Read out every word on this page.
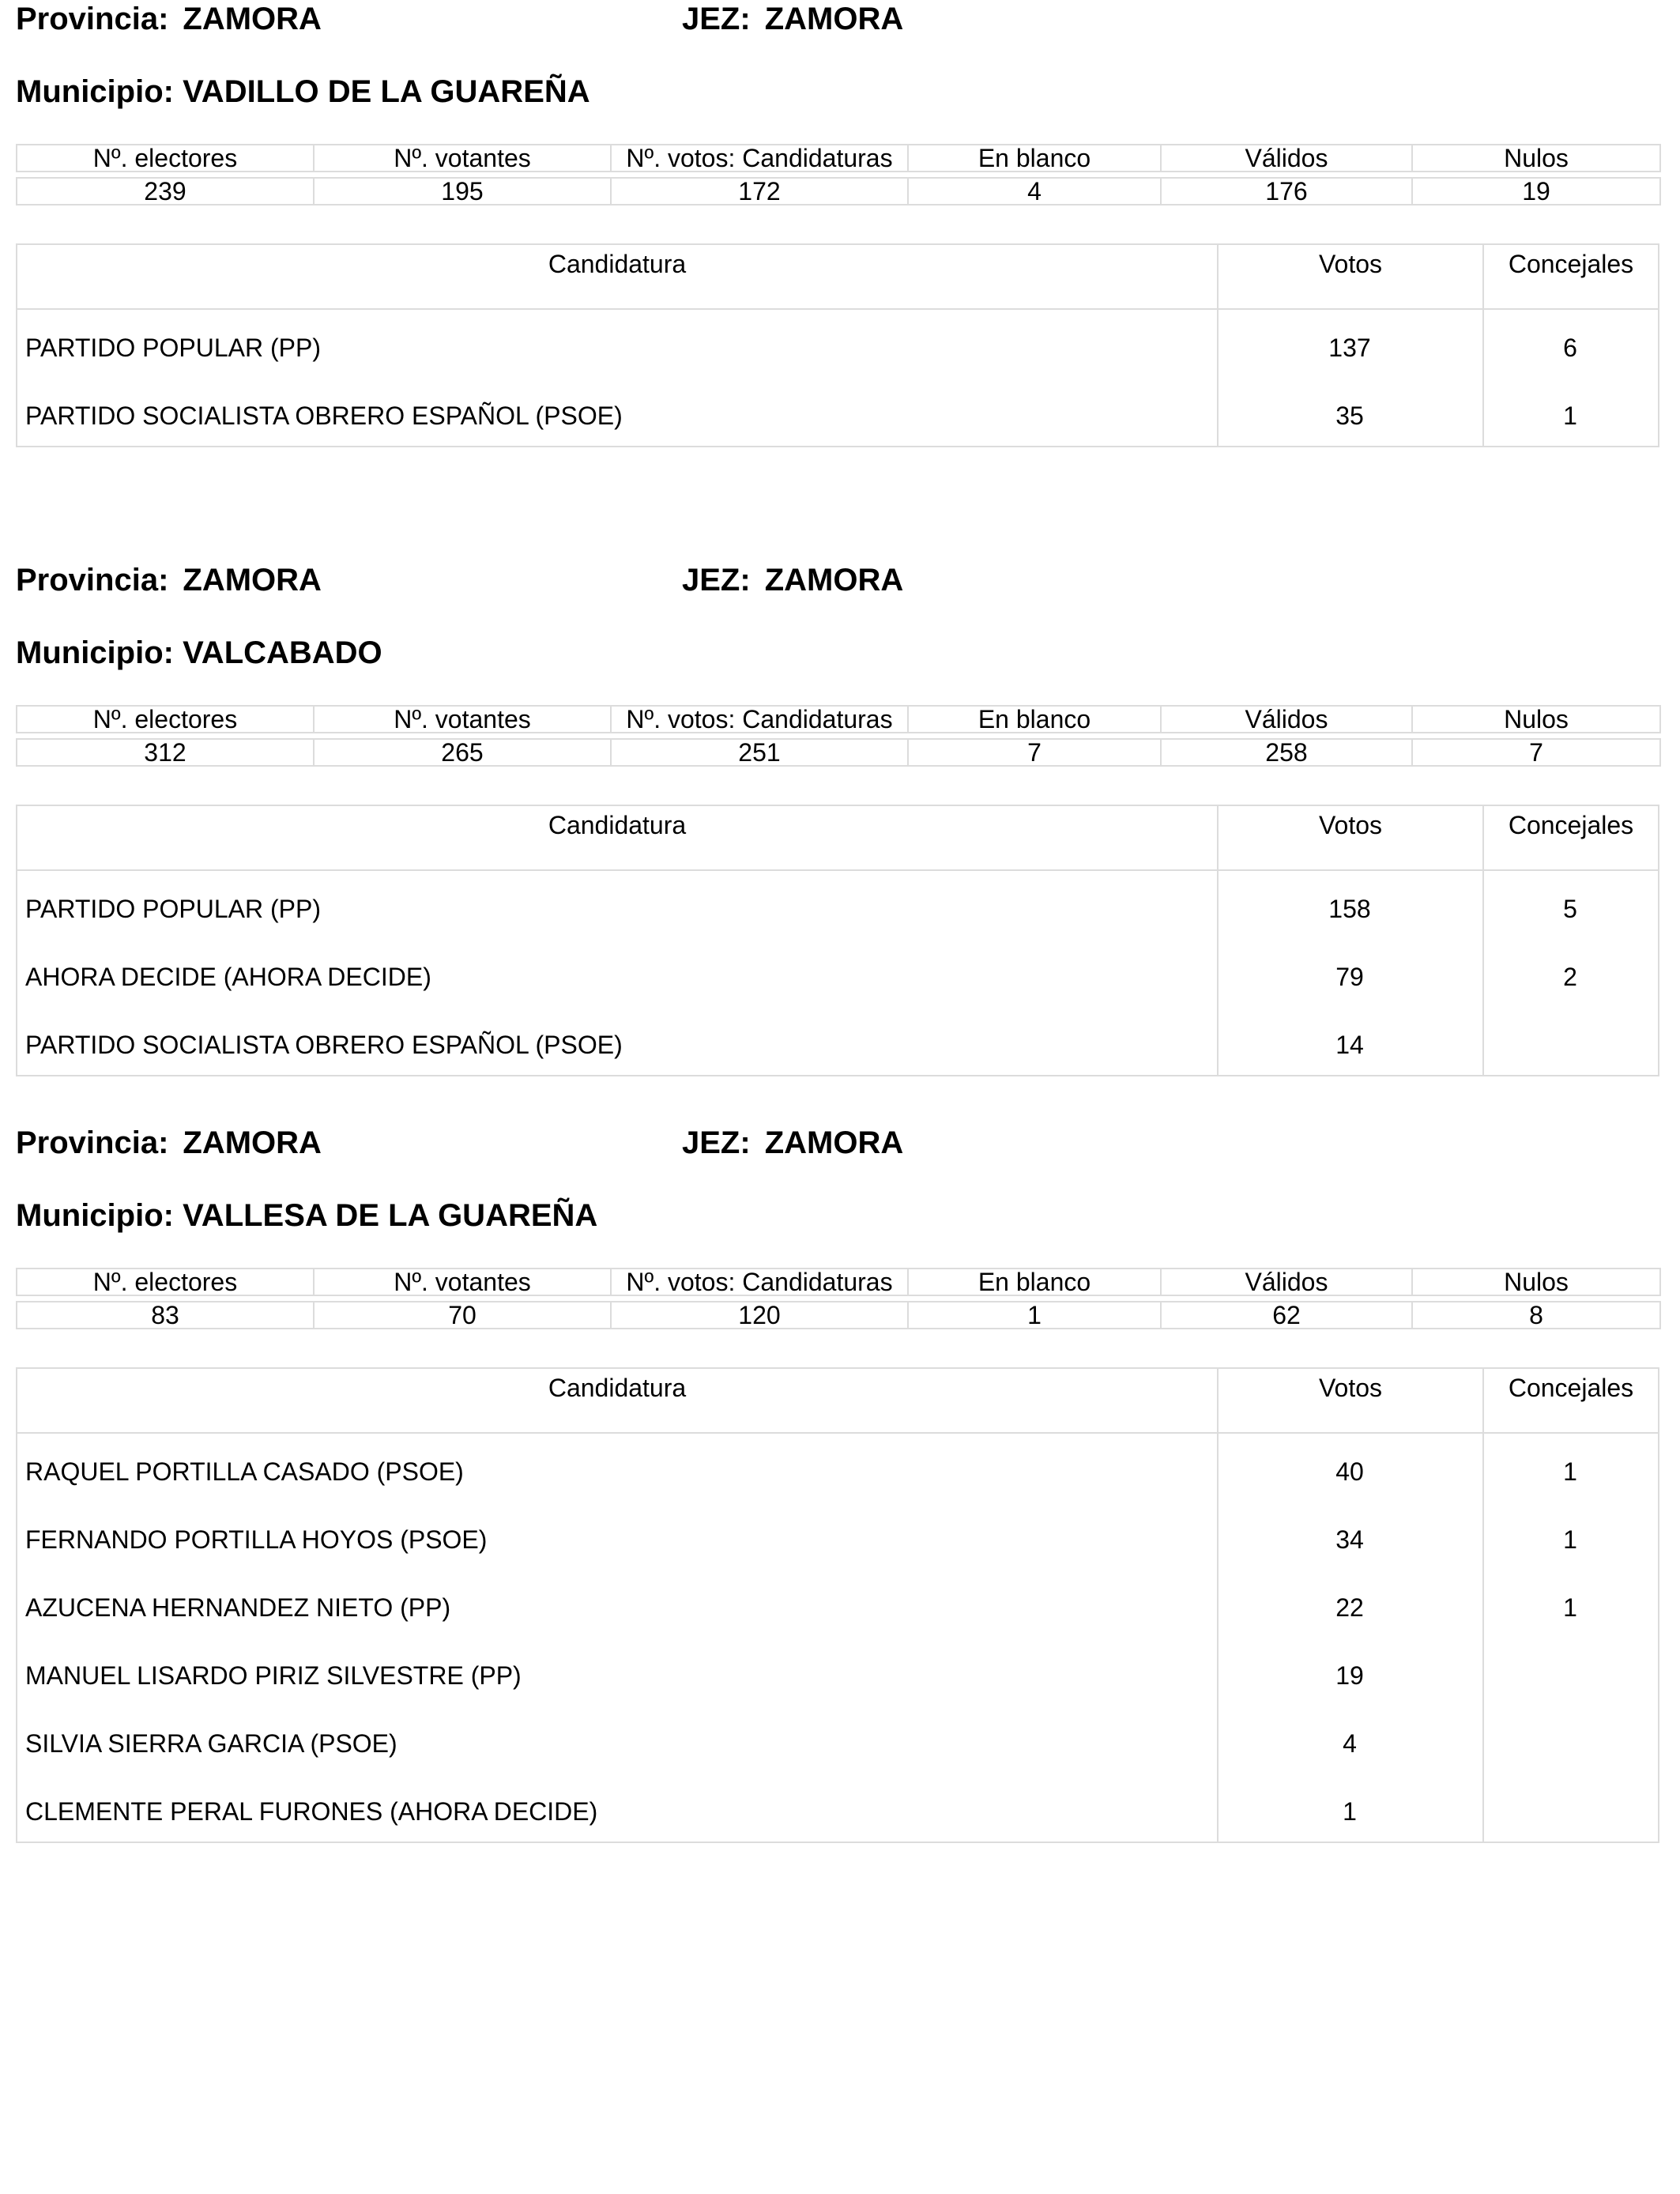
Provincia: ZAMORA	JEZ: ZAMORA
Municipio: VADILLO DE LA GUAREÑA
Nº. electores	Nº. votantes	Nº. votos: Candidaturas	En blanco	Válidos	Nulos

239	195	172	4	176	19
Candidatura	Votos	Concejales
PARTIDO POPULAR (PP)	137	6
PARTIDO SOCIALISTA OBRERO ESPAÑOL (PSOE)	35	1
Provincia: ZAMORA	JEZ: ZAMORA
Municipio: VALCABADO
Nº. electores	Nº. votantes	Nº. votos: Candidaturas	En blanco	Válidos	Nulos

312	265	251	7	258	7
Candidatura	Votos	Concejales
PARTIDO POPULAR (PP)	158	5
AHORA DECIDE (AHORA DECIDE)	79	2
PARTIDO SOCIALISTA OBRERO ESPAÑOL (PSOE)	14
Provincia: ZAMORA	JEZ: ZAMORA
Municipio: VALLESA DE LA GUAREÑA
Nº. electores	Nº. votantes	Nº. votos: Candidaturas	En blanco	Válidos	Nulos

83	70	120	1	62	8
Candidatura	Votos	Concejales
RAQUEL PORTILLA CASADO (PSOE)	40	1
FERNANDO PORTILLA HOYOS (PSOE)	34	1
AZUCENA HERNANDEZ NIETO (PP)	22	1
MANUEL LISARDO PIRIZ SILVESTRE (PP)	19
SILVIA SIERRA GARCIA (PSOE)	4
CLEMENTE PERAL FURONES (AHORA DECIDE)	1
